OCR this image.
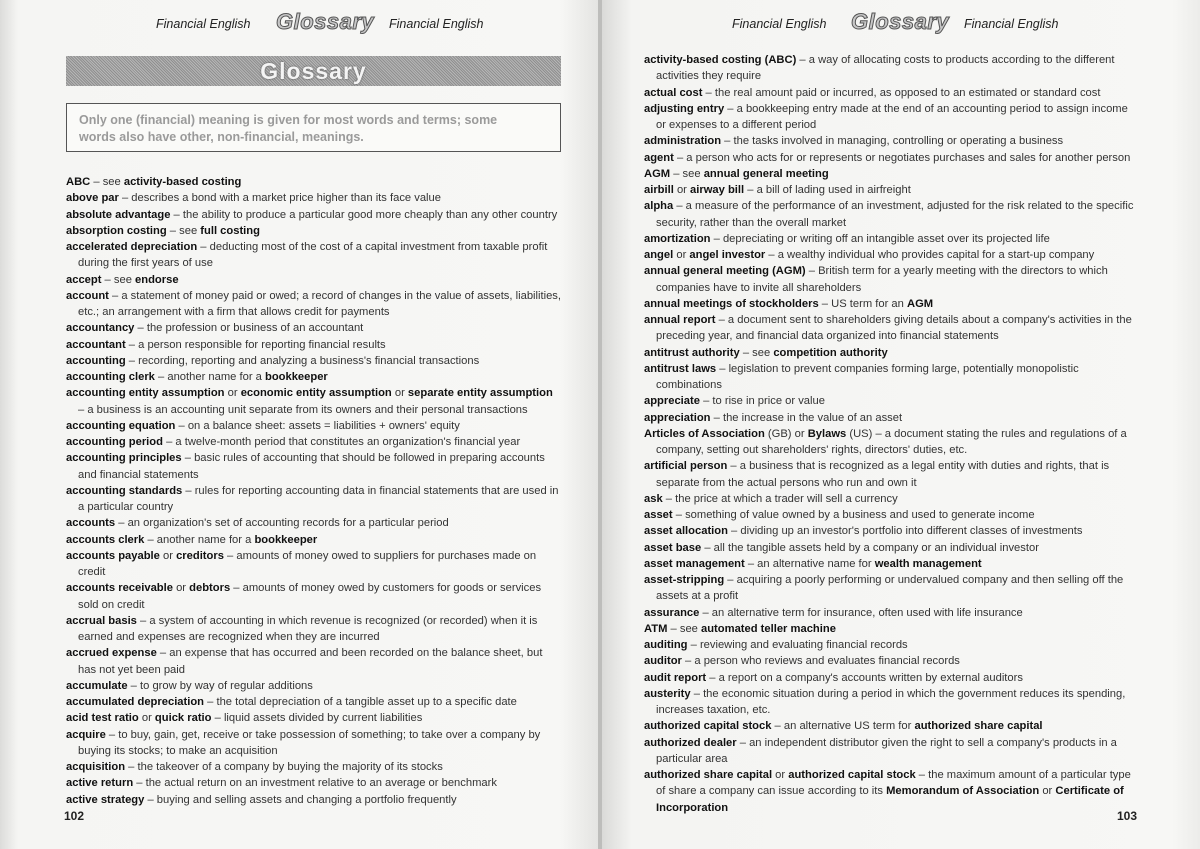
Financial English Glossary Financial English
Glossary
Only one (financial) meaning is given for most words and terms; some words also have other, non-financial, meanings.
ABC – see activity-based costing
above par – describes a bond with a market price higher than its face value
absolute advantage – the ability to produce a particular good more cheaply than any other country
absorption costing – see full costing
accelerated depreciation – deducting most of the cost of a capital investment from taxable profit during the first years of use
accept – see endorse
account – a statement of money paid or owed; a record of changes in the value of assets, liabilities, etc.; an arrangement with a firm that allows credit for payments
accountancy – the profession or business of an accountant
accountant – a person responsible for reporting financial results
accounting – recording, reporting and analyzing a business's financial transactions
accounting clerk – another name for a bookkeeper
accounting entity assumption or economic entity assumption or separate entity assumption – a business is an accounting unit separate from its owners and their personal transactions
accounting equation – on a balance sheet: assets = liabilities + owners' equity
accounting period – a twelve-month period that constitutes an organization's financial year
accounting principles – basic rules of accounting that should be followed in preparing accounts and financial statements
accounting standards – rules for reporting accounting data in financial statements that are used in a particular country
accounts – an organization's set of accounting records for a particular period
accounts clerk – another name for a bookkeeper
accounts payable or creditors – amounts of money owed to suppliers for purchases made on credit
accounts receivable or debtors – amounts of money owed by customers for goods or services sold on credit
accrual basis – a system of accounting in which revenue is recognized (or recorded) when it is earned and expenses are recognized when they are incurred
accrued expense – an expense that has occurred and been recorded on the balance sheet, but has not yet been paid
accumulate – to grow by way of regular additions
accumulated depreciation – the total depreciation of a tangible asset up to a specific date
acid test ratio or quick ratio – liquid assets divided by current liabilities
acquire – to buy, gain, get, receive or take possession of something; to take over a company by buying its stocks; to make an acquisition
acquisition – the takeover of a company by buying the majority of its stocks
active return – the actual return on an investment relative to an average or benchmark
active strategy – buying and selling assets and changing a portfolio frequently
102
Financial English Glossary Financial English
activity-based costing (ABC) – a way of allocating costs to products according to the different activities they require
actual cost – the real amount paid or incurred, as opposed to an estimated or standard cost
adjusting entry – a bookkeeping entry made at the end of an accounting period to assign income or expenses to a different period
administration – the tasks involved in managing, controlling or operating a business
agent – a person who acts for or represents or negotiates purchases and sales for another person
AGM – see annual general meeting
airbill or airway bill – a bill of lading used in airfreight
alpha – a measure of the performance of an investment, adjusted for the risk related to the specific security, rather than the overall market
amortization – depreciating or writing off an intangible asset over its projected life
angel or angel investor – a wealthy individual who provides capital for a start-up company
annual general meeting (AGM) – British term for a yearly meeting with the directors to which companies have to invite all shareholders
annual meetings of stockholders – US term for an AGM
annual report – a document sent to shareholders giving details about a company's activities in the preceding year, and financial data organized into financial statements
antitrust authority – see competition authority
antitrust laws – legislation to prevent companies forming large, potentially monopolistic combinations
appreciate – to rise in price or value
appreciation – the increase in the value of an asset
Articles of Association (GB) or Bylaws (US) – a document stating the rules and regulations of a company, setting out shareholders' rights, directors' duties, etc.
artificial person – a business that is recognized as a legal entity with duties and rights, that is separate from the actual persons who run and own it
ask – the price at which a trader will sell a currency
asset – something of value owned by a business and used to generate income
asset allocation – dividing up an investor's portfolio into different classes of investments
asset base – all the tangible assets held by a company or an individual investor
asset management – an alternative name for wealth management
asset-stripping – acquiring a poorly performing or undervalued company and then selling off the assets at a profit
assurance – an alternative term for insurance, often used with life insurance
ATM – see automated teller machine
auditing – reviewing and evaluating financial records
auditor – a person who reviews and evaluates financial records
audit report – a report on a company's accounts written by external auditors
austerity – the economic situation during a period in which the government reduces its spending, increases taxation, etc.
authorized capital stock – an alternative US term for authorized share capital
authorized dealer – an independent distributor given the right to sell a company's products in a particular area
authorized share capital or authorized capital stock – the maximum amount of a particular type of share a company can issue according to its Memorandum of Association or Certificate of Incorporation
103
